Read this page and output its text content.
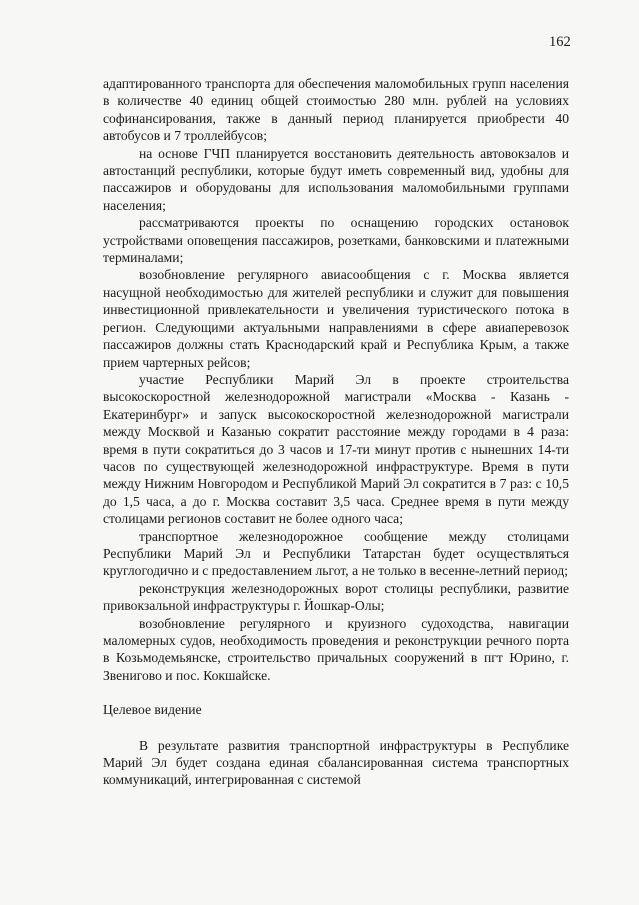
162

адаптированного транспорта для обеспечения маломобильных групп населения в количестве 40 единиц общей стоимостью 280 млн. рублей на условиях софинансирования, также в данный период планируется приобрести 40 автобусов и 7 троллейбусов;

на основе ГЧП планируется восстановить деятельность автовокзалов и автостанций республики, которые будут иметь современный вид, удобны для пассажиров и оборудованы для использования маломобильными группами населения;

рассматриваются проекты по оснащению городских остановок устройствами оповещения пассажиров, розетками, банковскими и платежными терминалами;

возобновление регулярного авиасообщения с г. Москва является насущной необходимостью для жителей республики и служит для повышения инвестиционной привлекательности и увеличения туристического потока в регион. Следующими актуальными направлениями в сфере авиаперевозок пассажиров должны стать Краснодарский край и Республика Крым, а также прием чартерных рейсов;

участие Республики Марий Эл в проекте строительства высокоскоростной железнодорожной магистрали «Москва - Казань - Екатеринбург» и запуск высокоскоростной железнодорожной магистрали между Москвой и Казанью сократит расстояние между городами в 4 раза: время в пути сократиться до 3 часов и 17-ти минут против с нынешних 14-ти часов по существующей железнодорожной инфраструктуре. Время в пути между Нижним Новгородом и Республикой Марий Эл сократится в 7 раз: с 10,5 до 1,5 часа, а до г. Москва составит 3,5 часа. Среднее время в пути между столицами регионов составит не более одного часа;

транспортное железнодорожное сообщение между столицами Республики Марий Эл и Республики Татарстан будет осуществляться круглогодично и с предоставлением льгот, а не только в весенне-летний период;

реконструкция железнодорожных ворот столицы республики, развитие привокзальной инфраструктуры г. Йошкар-Олы;

возобновление регулярного и круизного судоходства, навигации маломерных судов, необходимость проведения и реконструкции речного порта в Козьмодемьянске, строительство причальных сооружений в пгт Юрино, г. Звенигово и пос. Кокшайске.

Целевое видение

В результате развития транспортной инфраструктуры в Республике Марий Эл будет создана единая сбалансированная система транспортных коммуникаций, интегрированная с системой
